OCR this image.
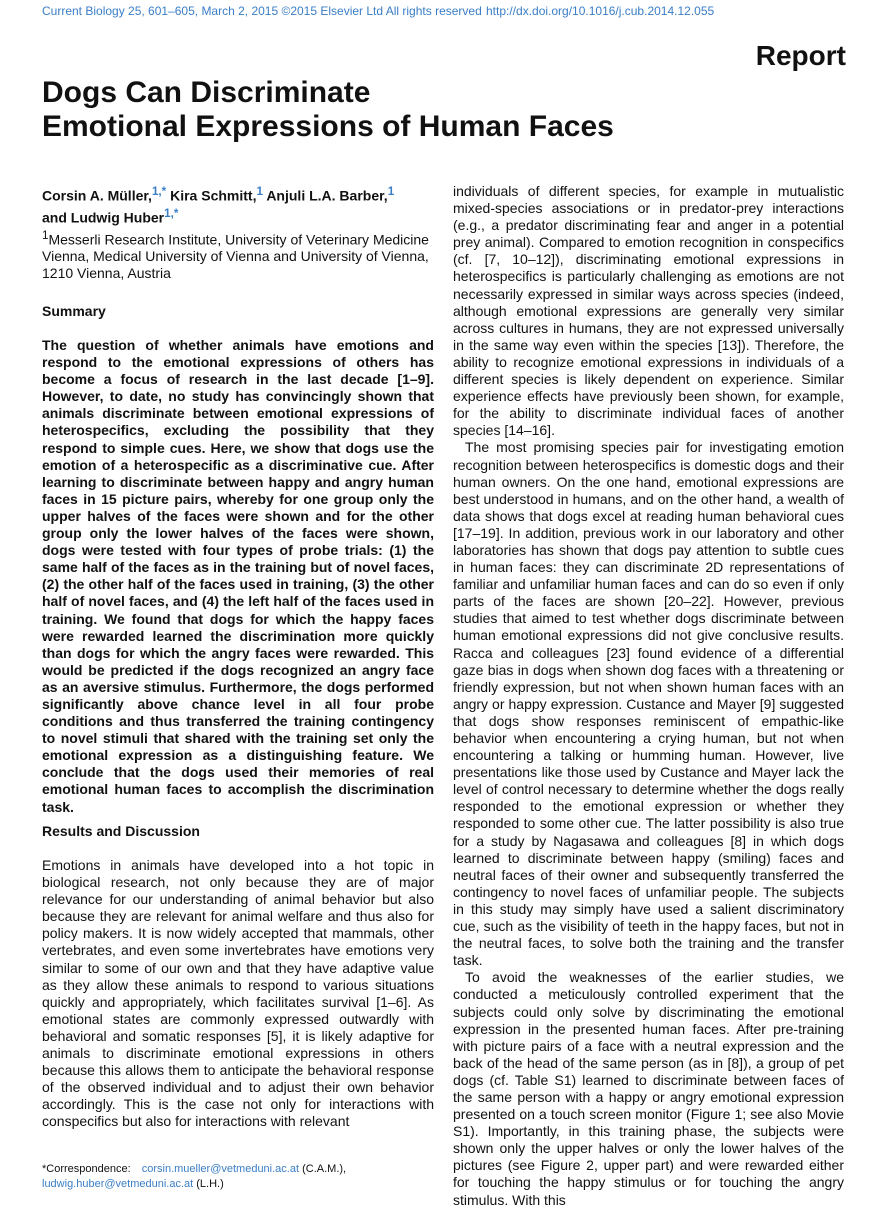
Current Biology 25, 601–605, March 2, 2015 ©2015 Elsevier Ltd All rights reserved http://dx.doi.org/10.1016/j.cub.2014.12.055
Report
Dogs Can Discriminate
Emotional Expressions of Human Faces
Corsin A. Müller,$^{1,*}$ Kira Schmitt,$^1$ Anjuli L.A. Barber,$^1$
and Ludwig Huber$^{1,*}$
$^1$Messerli Research Institute, University of Veterinary Medicine Vienna, Medical University of Vienna and University of Vienna, 1210 Vienna, Austria
Summary
The question of whether animals have emotions and respond to the emotional expressions of others has become a focus of research in the last decade [1–9]. However, to date, no study has convincingly shown that animals discriminate between emotional expressions of heterospecifics, excluding the possibility that they respond to simple cues. Here, we show that dogs use the emotion of a heterospecific as a discriminative cue. After learning to discriminate between happy and angry human faces in 15 picture pairs, whereby for one group only the upper halves of the faces were shown and for the other group only the lower halves of the faces were shown, dogs were tested with four types of probe trials: (1) the same half of the faces as in the training but of novel faces, (2) the other half of the faces used in training, (3) the other half of novel faces, and (4) the left half of the faces used in training. We found that dogs for which the happy faces were rewarded learned the discrimination more quickly than dogs for which the angry faces were rewarded. This would be predicted if the dogs recognized an angry face as an aversive stimulus. Furthermore, the dogs performed significantly above chance level in all four probe conditions and thus transferred the training contingency to novel stimuli that shared with the training set only the emotional expression as a distinguishing feature. We conclude that the dogs used their memories of real emotional human faces to accomplish the discrimination task.
Results and Discussion
Emotions in animals have developed into a hot topic in biological research, not only because they are of major relevance for our understanding of animal behavior but also because they are relevant for animal welfare and thus also for policy makers. It is now widely accepted that mammals, other vertebrates, and even some invertebrates have emotions very similar to some of our own and that they have adaptive value as they allow these animals to respond to various situations quickly and appropriately, which facilitates survival [1–6]. As emotional states are commonly expressed outwardly with behavioral and somatic responses [5], it is likely adaptive for animals to discriminate emotional expressions in others because this allows them to anticipate the behavioral response of the observed individual and to adjust their own behavior accordingly. This is the case not only for interactions with conspecifics but also for interactions with relevant

individuals of different species, for example in mutualistic mixed-species associations or in predator-prey interactions (e.g., a predator discriminating fear and anger in a potential prey animal). Compared to emotion recognition in conspecifics (cf. [7, 10–12]), discriminating emotional expressions in heterospecifics is particularly challenging as emotions are not necessarily expressed in similar ways across species (indeed, although emotional expressions are generally very similar across cultures in humans, they are not expressed universally in the same way even within the species [13]). Therefore, the ability to recognize emotional expressions in individuals of a different species is likely dependent on experience. Similar experience effects have previously been shown, for example, for the ability to discriminate individual faces of another species [14–16].

The most promising species pair for investigating emotion recognition between heterospecifics is domestic dogs and their human owners. On the one hand, emotional expressions are best understood in humans, and on the other hand, a wealth of data shows that dogs excel at reading human behavioral cues [17–19]. In addition, previous work in our laboratory and other laboratories has shown that dogs pay attention to subtle cues in human faces: they can discriminate 2D representations of familiar and unfamiliar human faces and can do so even if only parts of the faces are shown [20–22]. However, previous studies that aimed to test whether dogs discriminate between human emotional expressions did not give conclusive results. Racca and colleagues [23] found evidence of a differential gaze bias in dogs when shown dog faces with a threatening or friendly expression, but not when shown human faces with an angry or happy expression. Custance and Mayer [9] suggested that dogs show responses reminiscent of empathic-like behavior when encountering a crying human, but not when encountering a talking or humming human. However, live presentations like those used by Custance and Mayer lack the level of control necessary to determine whether the dogs really responded to the emotional expression or whether they responded to some other cue. The latter possibility is also true for a study by Nagasawa and colleagues [8] in which dogs learned to discriminate between happy (smiling) faces and neutral faces of their owner and subsequently transferred the contingency to novel faces of unfamiliar people. The subjects in this study may simply have used a salient discriminatory cue, such as the visibility of teeth in the happy faces, but not in the neutral faces, to solve both the training and the transfer task.

To avoid the weaknesses of the earlier studies, we conducted a meticulously controlled experiment that the subjects could only solve by discriminating the emotional expression in the presented human faces. After pre-training with picture pairs of a face with a neutral expression and the back of the head of the same person (as in [8]), a group of pet dogs (cf. Table S1) learned to discriminate between faces of the same person with a happy or angry emotional expression presented on a touch screen monitor (Figure 1; see also Movie S1). Importantly, in this training phase, the subjects were shown only the upper halves or only the lower halves of the pictures (see Figure 2, upper part) and were rewarded either for touching the happy stimulus or for touching the angry stimulus. With this

*Correspondence: corsin.mueller@vetmeduni.ac.at (C.A.M.), ludwig.huber@vetmeduni.ac.at (L.H.)
